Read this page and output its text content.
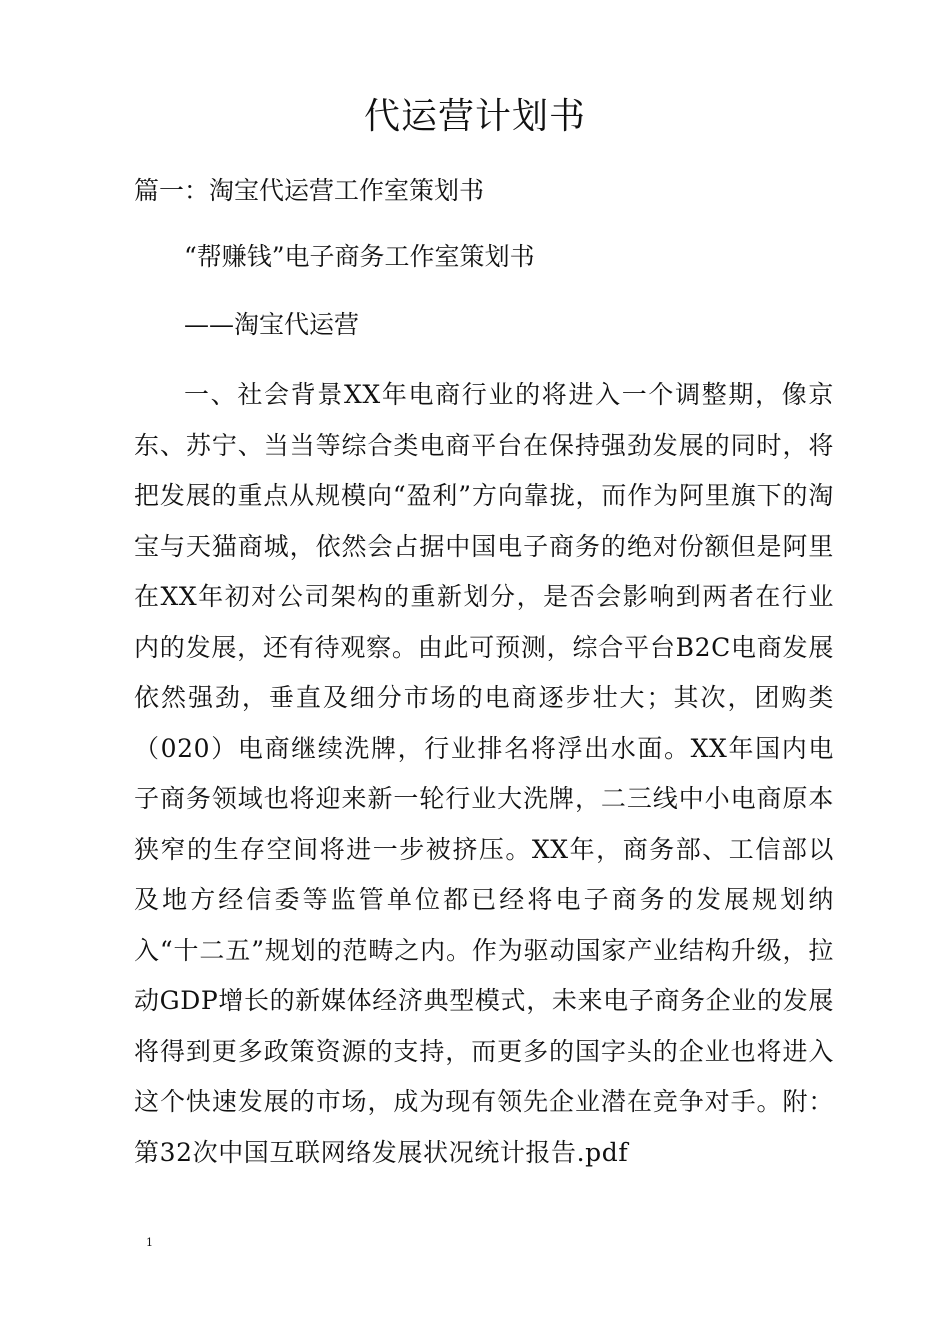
代运营计划书
篇一：淘宝代运营工作室策划书
“帮赚钱”电子商务工作室策划书
——淘宝代运营

一、社会背景XX年电商行业的将进入一个调整期，像京东、苏宁、当当等综合类电商平台在保持强劲发展的同时，将把发展的重点从规模向“盈利”方向靠拢，而作为阿里旗下的淘宝与天猫商城，依然会占据中国电子商务的绝对份额但是阿里在XX年初对公司架构的重新划分，是否会影响到两者在行业内的发展，还有待观察。由此可预测，综合平台B2C电商发展依然强劲，垂直及细分市场的电商逐步壮大；其次，团购类（020）电商继续洗牌，行业排名将浮出水面。XX年国内电子商务领域也将迎来新一轮行业大洗牌，二三线中小电商原本狭窄的生存空间将进一步被挤压。XX年，商务部、工信部以及地方经信委等监管单位都已经将电子商务的发展规划纳入“十二五”规划的范畴之内。作为驱动国家产业结构升级，拉动GDP增长的新媒体经济典型模式，未来电子商务企业的发展将得到更多政策资源的支持，而更多的国字头的企业也将进入这个快速发展的市场，成为现有领先企业潜在竞争对手。附：第32次中国互联网络发展状况统计报告.pdf

1
